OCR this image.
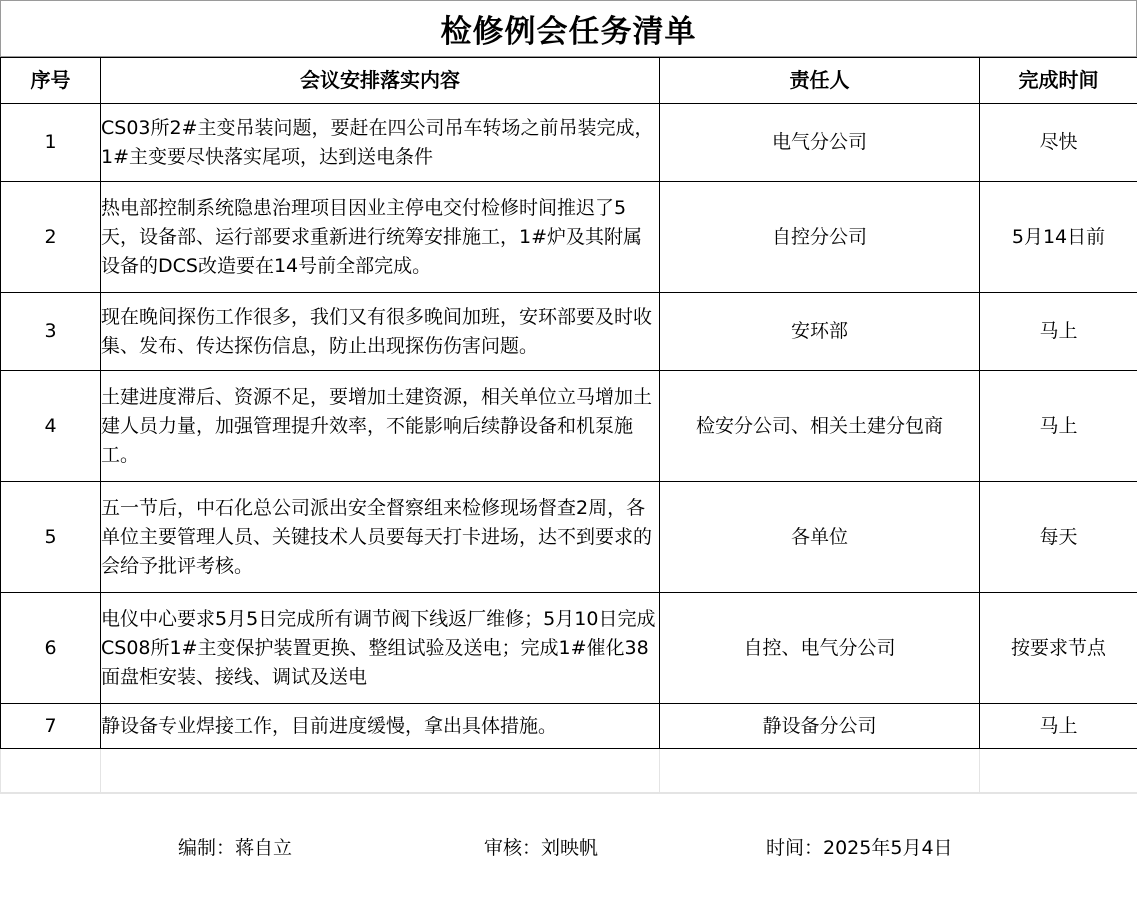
检修例会任务清单
序号	会议安排落实内容	责任人	完成时间
1	CS03所2#主变吊装问题，要赶在四公司吊车转场之前吊装完成，1#主变要尽快落实尾项，达到送电条件	电气分公司	尽快
2	热电部控制系统隐患治理项目因业主停电交付检修时间推迟了5天，设备部、运行部要求重新进行统筹安排施工，1#炉及其附属设备的DCS改造要在14号前全部完成。	自控分公司	5月14日前
3	现在晚间探伤工作很多，我们又有很多晚间加班，安环部要及时收集、发布、传达探伤信息，防止出现探伤伤害问题。	安环部	马上
4	土建进度滞后、资源不足，要增加土建资源，相关单位立马增加土建人员力量，加强管理提升效率，不能影响后续静设备和机泵施工。	检安分公司、相关土建分包商	马上
5	五一节后，中石化总公司派出安全督察组来检修现场督查2周，各单位主要管理人员、关键技术人员要每天打卡进场，达不到要求的会给予批评考核。	各单位	每天
6	电仪中心要求5月5日完成所有调节阀下线返厂维修；5月10日完成CS08所1#主变保护装置更换、整组试验及送电；完成1#催化38面盘柜安装、接线、调试及送电	自控、电气分公司	按要求节点
7	静设备专业焊接工作，目前进度缓慢，拿出具体措施。	静设备分公司	马上

编制：蒋自立	审核：刘映帆	时间：2025年5月4日
